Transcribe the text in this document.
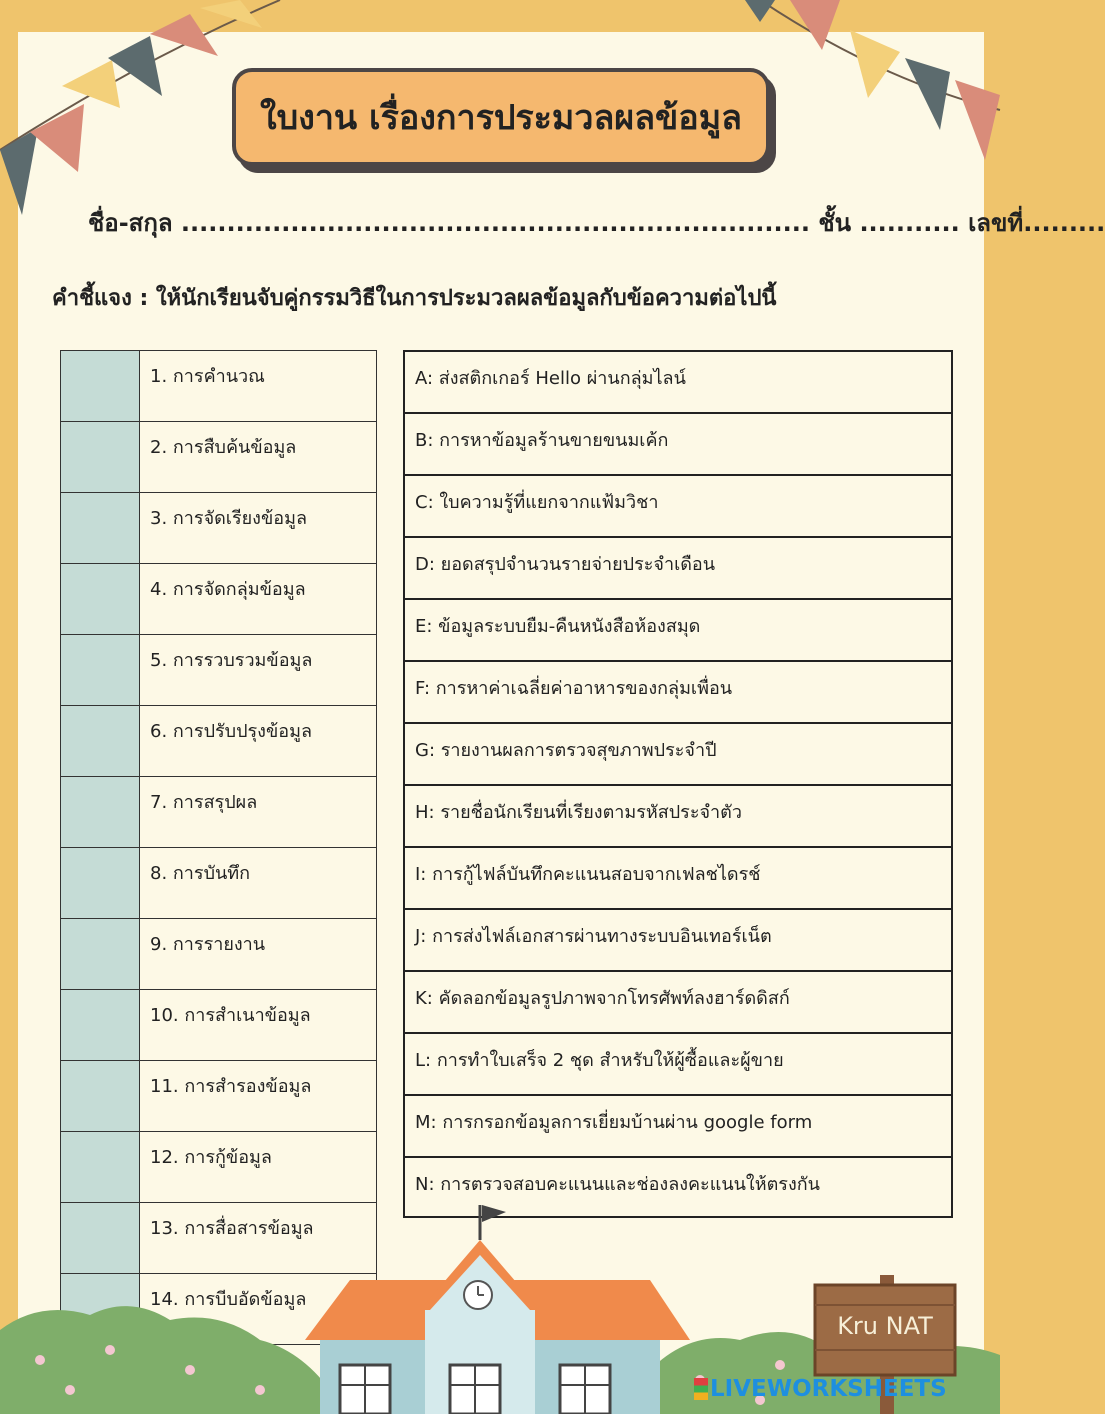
ใบงาน เรื่องการประมวลผลข้อมูล
ชื่อ-สกุล ..................................................................... ชั้น ........... เลขที่.........
คำชี้แจง : ให้นักเรียนจับคู่กรรมวิธีในการประมวลผลข้อมูลกับข้อความต่อไปนี้
	1. การคำนวณ
	2. การสืบค้นข้อมูล
	3. การจัดเรียงข้อมูล
	4. การจัดกลุ่มข้อมูล
	5. การรวบรวมข้อมูล
	6. การปรับปรุงข้อมูล
	7. การสรุปผล
	8. การบันทึก
	9. การรายงาน
	10. การสำเนาข้อมูล
	11. การสำรองข้อมูล
	12. การกู้ข้อมูล
	13. การสื่อสารข้อมูล
	14. การบีบอัดข้อมูล
A: ส่งสติกเกอร์ Hello ผ่านกลุ่มไลน์
B: การหาข้อมูลร้านขายขนมเค้ก
C: ใบความรู้ที่แยกจากแฟ้มวิชา
D: ยอดสรุปจำนวนรายจ่ายประจำเดือน
E: ข้อมูลระบบยืม-คืนหนังสือห้องสมุด
F: การหาค่าเฉลี่ยค่าอาหารของกลุ่มเพื่อน
G: รายงานผลการตรวจสุขภาพประจำปี
H: รายชื่อนักเรียนที่เรียงตามรหัสประจำตัว
I: การกู้ไฟล์บันทึกคะแนนสอบจากเฟลชไดรช์
J: การส่งไฟล์เอกสารผ่านทางระบบอินเทอร์เน็ต
K: คัดลอกข้อมูลรูปภาพจากโทรศัพท์ลงฮาร์ดดิสก์
L: การทำใบเสร็จ 2 ชุด สำหรับให้ผู้ซื้อและผู้ขาย
M: การกรอกข้อมูลการเยี่ยมบ้านผ่าน google form
N: การตรวจสอบคะแนนและช่องลงคะแนนให้ตรงกัน
Kru NAT
LIVEWORKSHEETS
